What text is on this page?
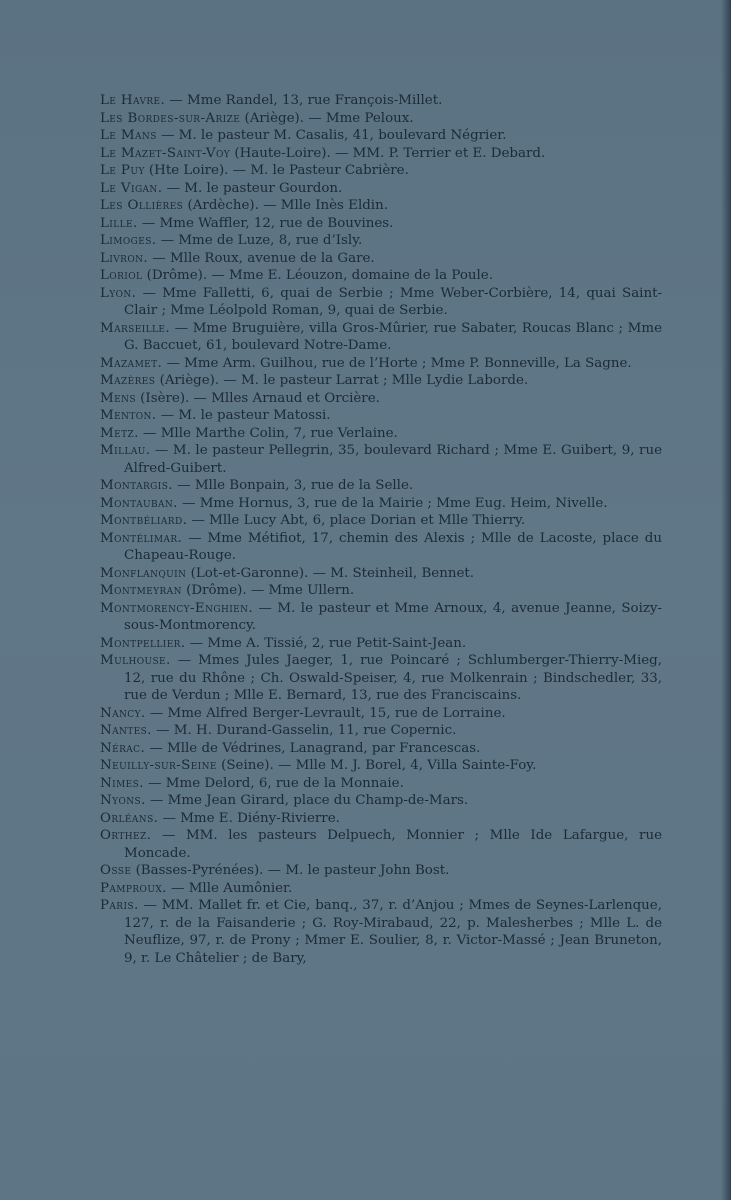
Le Havre. — Mme Randel, 13, rue François-Millet.
Les Bordes-sur-Arize (Ariège). — Mme Peloux.
Le Mans — M. le pasteur M. Casalis, 41, boulevard Négrier.
Le Mazet-Saint-Voy (Haute-Loire). — MM. P. Terrier et E. Debard.
Le Puy (Hte Loire). — M. le Pasteur Cabrière.
Le Vigan. — M. le pasteur Gourdon.
Les Ollières (Ardèche). — Mlle Inès Eldin.
Lille. — Mme Waffler, 12, rue de Bouvines.
Limoges. — Mme de Luze, 8, rue d’Isly.
Livron. — Mlle Roux, avenue de la Gare.
Loriol (Drôme). — Mme E. Léouzon, domaine de la Poule.
Lyon. — Mme Falletti, 6, quai de Serbie ; Mme Weber-Corbière, 14, quai Saint-Clair ; Mme Léolpold Roman, 9, quai de Serbie.
Marseille. — Mme Bruguière, villa Gros-Mûrier, rue Sabater, Roucas Blanc ; Mme G. Baccuet, 61, boulevard Notre-Dame.
Mazamet. — Mme Arm. Guilhou, rue de l’Horte ; Mme P. Bonneville, La Sagne.
Mazères (Ariège). — M. le pasteur Larrat ; Mlle Lydie Laborde.
Mens (Isère). — Mlles Arnaud et Orcière.
Menton. — M. le pasteur Matossi.
Metz. — Mlle Marthe Colin, 7, rue Verlaine.
Millau. — M. le pasteur Pellegrin, 35, boulevard Richard ; Mme E. Guibert, 9, rue Alfred-Guibert.
Montargis. — Mlle Bonpain, 3, rue de la Selle.
Montauban. — Mme Hornus, 3, rue de la Mairie ; Mme Eug. Heim, Nivelle.
Montbéliard. — Mlle Lucy Abt, 6, place Dorian et Mlle Thierry.
Montélimar. — Mme Métifiot, 17, chemin des Alexis ; Mlle de Lacoste, place du Chapeau-Rouge.
Monflanquin (Lot-et-Garonne). — M. Steinheil, Bennet.
Montmeyran (Drôme). — Mme Ullern.
Montmorency-Enghien. — M. le pasteur et Mme Arnoux, 4, avenue Jeanne, Soizy-sous-Montmorency.
Montpellier. — Mme A. Tissié, 2, rue Petit-Saint-Jean.
Mulhouse. — Mmes Jules Jaeger, 1, rue Poincaré ; Schlumberger-Thierry-Mieg, 12, rue du Rhône ; Ch. Oswald-Speiser, 4, rue Molkenrain ; Bindschedler, 33, rue de Verdun ; Mlle E. Bernard, 13, rue des Franciscains.
Nancy. — Mme Alfred Berger-Levrault, 15, rue de Lorraine.
Nantes. — M. H. Durand-Gasselin, 11, rue Copernic.
Nérac. — Mlle de Védrines, Lanagrand, par Francescas.
Neuilly-sur-Seine (Seine). — Mlle M. J. Borel, 4, Villa Sainte-Foy.
Nimes. — Mme Delord, 6, rue de la Monnaie.
Nyons. — Mme Jean Girard, place du Champ-de-Mars.
Orléans. — Mme E. Diény-Rivierre.
Orthez. — MM. les pasteurs Delpuech, Monnier ; Mlle Ide Lafargue, rue Moncade.
Osse (Basses-Pyrénées). — M. le pasteur John Bost.
Pamproux. — Mlle Aumônier.
Paris. — MM. Mallet fr. et Cie, banq., 37, r. d’Anjou ; Mmes de Seynes-Larlenque, 127, r. de la Faisanderie ; G. Roy-Mirabaud, 22, p. Malesherbes ; Mlle L. de Neuflize, 97, r. de Prony ; Mmer E. Soulier, 8, r. Victor-Massé ; Jean Bruneton, 9, r. Le Châtelier ; de Bary,
